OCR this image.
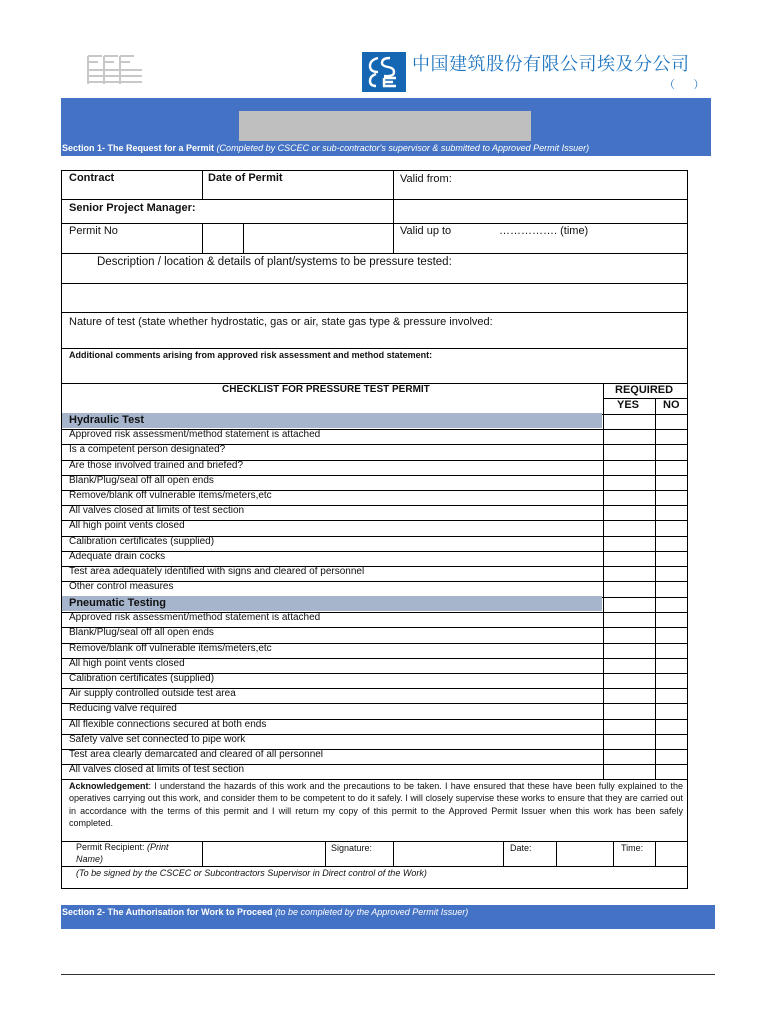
中国建筑股份有限公司埃及分公司
（      ）
Section 1- The Request for a Permit (Completed by CSCEC or sub-contractor's supervisor & submitted to Approved Permit Issuer)
Contract	Date of Permit	Valid from:
Senior Project Manager:
Permit No	Valid up to	……………. (time)
Description / location & details of plant/systems to be pressure tested:
Nature of test (state whether hydrostatic, gas or air, state gas type & pressure involved:
Additional comments arising from approved risk assessment and method statement:
CHECKLIST FOR PRESSURE TEST PERMIT	REQUIRED
YES NO
Hydraulic Test
Approved risk assessment/method statement is attached
Is a competent person designated?
Are those involved trained and briefed?
Blank/Plug/seal off all open ends
Remove/blank off vulnerable items/meters,etc
All valves closed at limits of test section
All high point vents closed
Calibration certificates (supplied)
Adequate drain cocks
Test area adequately identified with signs and cleared of personnel
Other control measures
Pneumatic Testing
Approved risk assessment/method statement is attached
Blank/Plug/seal off all open ends
Remove/blank off vulnerable items/meters,etc
All high point vents closed
Calibration certificates (supplied)
Air supply controlled outside test area
Reducing valve required
All flexible connections secured at both ends
Safety valve set connected to pipe work
Test area clearly demarcated and cleared of all personnel
All valves closed at limits of test section
Acknowledgement: I understand the hazards of this work and the precautions to be taken. I have ensured that these have been fully explained to the operatives carrying out this work, and consider them to be competent to do it safely. I will closely supervise these works to ensure that they are carried out in accordance with the terms of this permit and I will return my copy of this permit to the Approved Permit Issuer when this work has been safely completed.
Permit Recipient: (Print
Name)
Signature:	Date:	Time:
(To be signed by the CSCEC or Subcontractors Supervisor in Direct control of the Work)
Section 2- The Authorisation for Work to Proceed (to be completed by the Approved Permit Issuer)
